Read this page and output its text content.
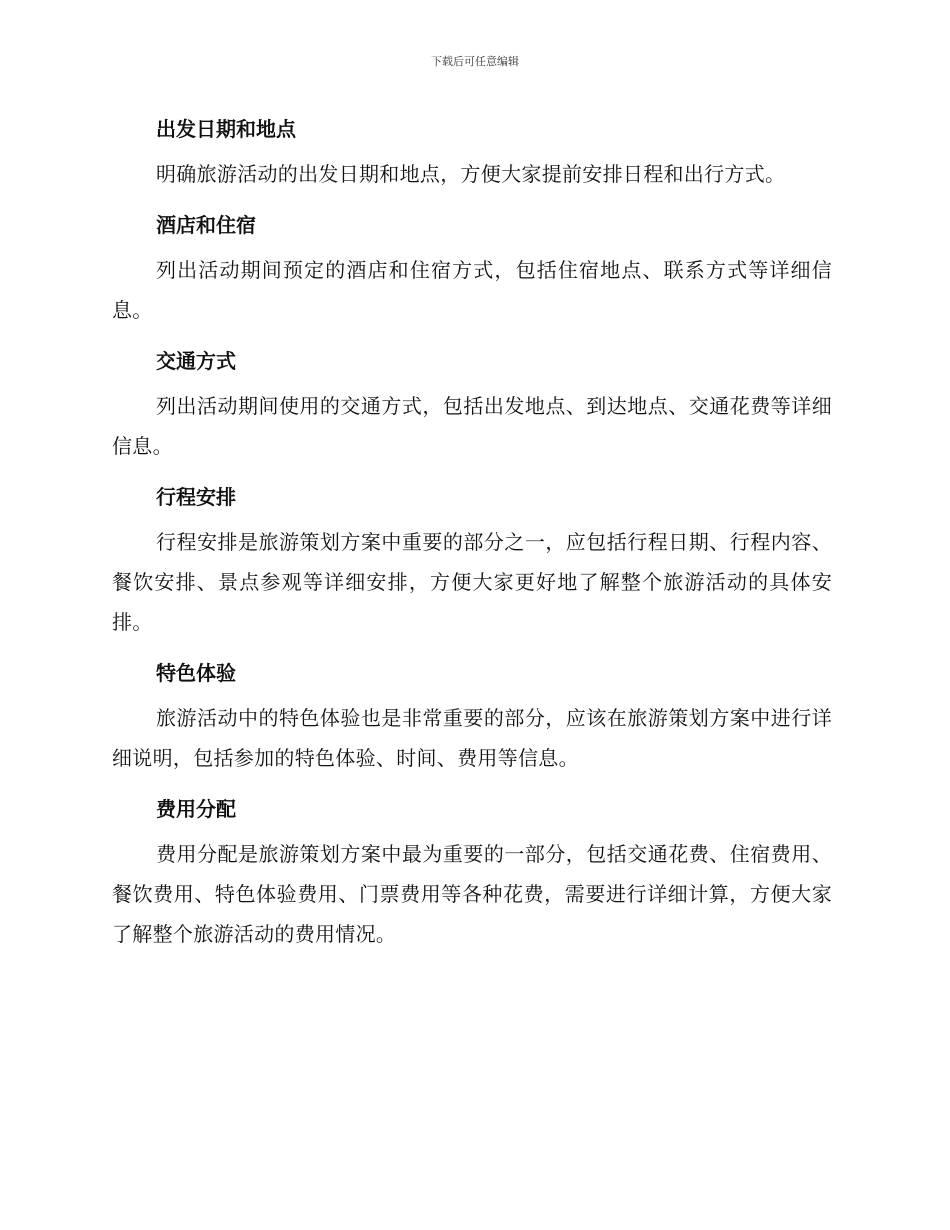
下载后可任意编辑
出发日期和地点

明确旅游活动的出发日期和地点，方便大家提前安排日程和出行方式。

酒店和住宿

列出活动期间预定的酒店和住宿方式，包括住宿地点、联系方式等详细信息。

交通方式

列出活动期间使用的交通方式，包括出发地点、到达地点、交通花费等详细信息。

行程安排

行程安排是旅游策划方案中重要的部分之一，应包括行程日期、行程内容、餐饮安排、景点参观等详细安排，方便大家更好地了解整个旅游活动的具体安排。

特色体验

旅游活动中的特色体验也是非常重要的部分，应该在旅游策划方案中进行详细说明，包括参加的特色体验、时间、费用等信息。

费用分配

费用分配是旅游策划方案中最为重要的一部分，包括交通花费、住宿费用、餐饮费用、特色体验费用、门票费用等各种花费，需要进行详细计算，方便大家了解整个旅游活动的费用情况。
